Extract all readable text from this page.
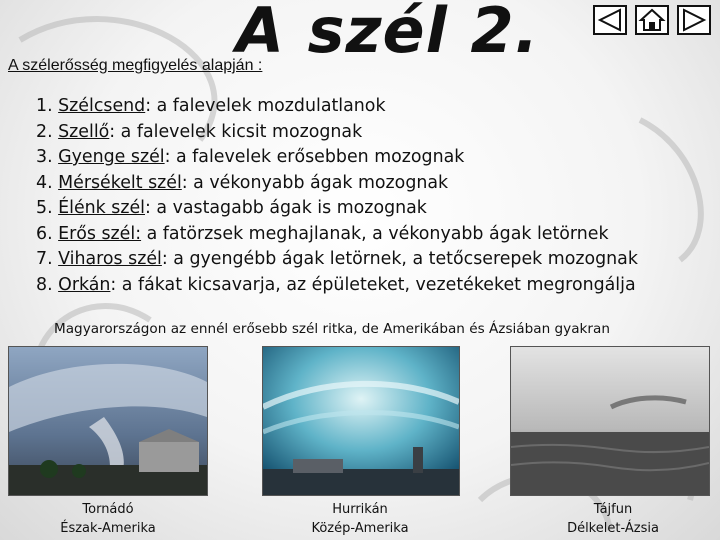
A szél 2.
A szélerősség megfigyelés alapján :
1. Szélcsend: a falevelek mozdulatlanok
2. Szellő: a falevelek kicsit mozognak
3. Gyenge szél: a falevelek erősebben mozognak
4. Mérsékelt szél: a vékonyabb ágak mozognak
5. Élénk szél: a vastagabb ágak is mozognak
6. Erős szél: a fatörzsek meghajlanak, a vékonyabb ágak letörnek
7. Viharos szél: a gyengébb ágak letörnek, a tetőcserepek mozognak
8. Orkán: a fákat kicsavarja, az épületeket, vezetékeket megrongálja
Magyarországon az ennél erősebb szél ritka, de Amerikában és Ázsiában gyakran
Tornádó
Észak-Amerika
Hurrikán
Közép-Amerika
Tájfun
Délkelet-Ázsia
